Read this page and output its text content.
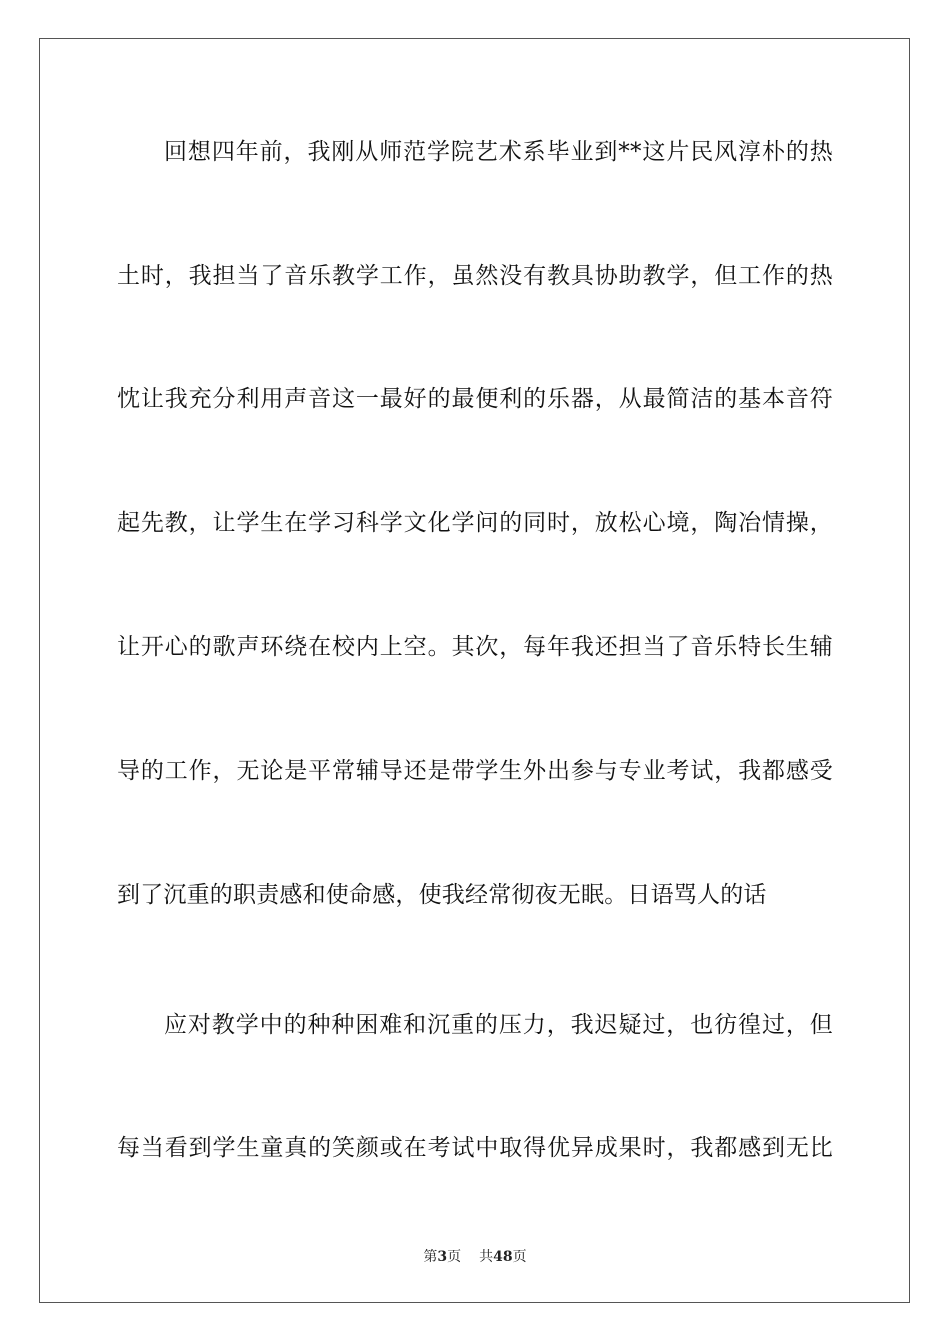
回想四年前，我刚从师范学院艺术系毕业到**这片民风淳朴的热
土时，我担当了音乐教学工作，虽然没有教具协助教学，但工作的热
忱让我充分利用声音这一最好的最便利的乐器，从最简洁的基本音符
起先教，让学生在学习科学文化学问的同时，放松心境，陶冶情操，
让开心的歌声环绕在校内上空。其次，每年我还担当了音乐特长生辅
导的工作，无论是平常辅导还是带学生外出参与专业考试，我都感受
到了沉重的职责感和使命感，使我经常彻夜无眠。日语骂人的话
应对教学中的种种困难和沉重的压力，我迟疑过，也彷徨过，但
每当看到学生童真的笑颜或在考试中取得优异成果时，我都感到无比
第3页 共48页
